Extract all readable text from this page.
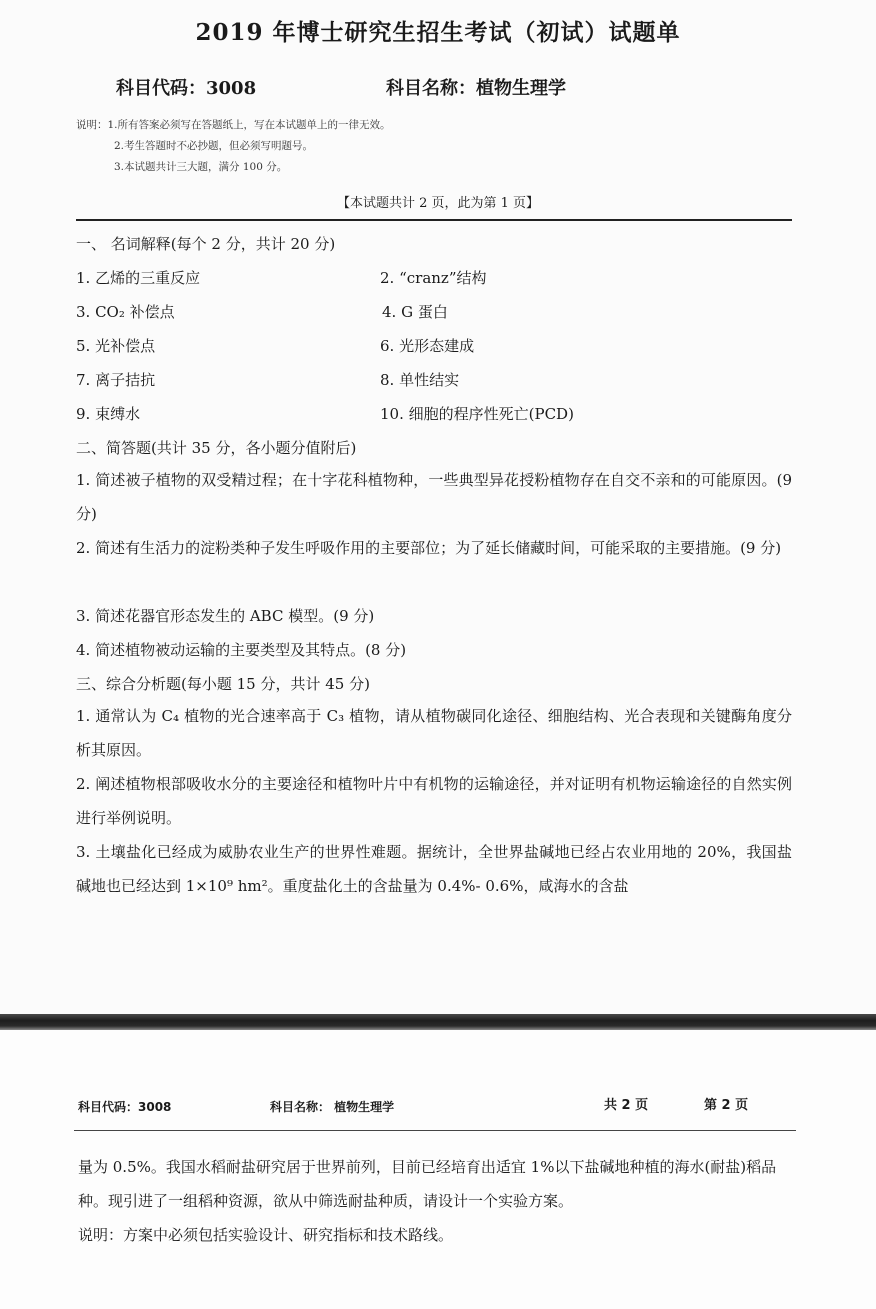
2019 年博士研究生招生考试（初试）试题单
科目代码：3008	科目名称：植物生理学
说明：1.所有答案必须写在答题纸上，写在本试题单上的一律无效。
2.考生答题时不必抄题，但必须写明题号。
3.本试题共计三大题，满分 100 分。
【本试题共计 2 页，此为第 1 页】
一、 名词解释(每个 2 分，共计 20 分)
1. 乙烯的三重反应	2. “cranz”结构
3. CO₂ 补偿点	4. G 蛋白
5. 光补偿点	6. 光形态建成
7. 离子拮抗	8. 单性结实
9. 束缚水	10. 细胞的程序性死亡(PCD)
二、简答题(共计 35 分，各小题分值附后)
1. 简述被子植物的双受精过程；在十字花科植物种，一些典型异花授粉植物存在自交不亲和的可能原因。(9 分)
2. 简述有生活力的淀粉类种子发生呼吸作用的主要部位；为了延长储藏时间，可能采取的主要措施。(9 分)
3. 简述花器官形态发生的 ABC 模型。(9 分)
4. 简述植物被动运输的主要类型及其特点。(8 分)
三、综合分析题(每小题 15 分，共计 45 分)
1. 通常认为 C₄ 植物的光合速率高于 C₃ 植物，请从植物碳同化途径、细胞结构、光合表现和关键酶角度分析其原因。
2. 阐述植物根部吸收水分的主要途径和植物叶片中有机物的运输途径，并对证明有机物运输途径的自然实例进行举例说明。
3. 土壤盐化已经成为威胁农业生产的世界性难题。据统计，全世界盐碱地已经占农业用地的 20%，我国盐碱地也已经达到 1×10⁹ hm²。重度盐化土的含盐量为 0.4%- 0.6%，咸海水的含盐
科目代码：3008	科目名称： 植物生理学	共 2 页	第 2 页
量为 0.5%。我国水稻耐盐研究居于世界前列，目前已经培育出适宜 1%以下盐碱地种植的海水(耐盐)稻品种。现引进了一组稻种资源，欲从中筛选耐盐种质，请设计一个实验方案。
说明：方案中必须包括实验设计、研究指标和技术路线。
